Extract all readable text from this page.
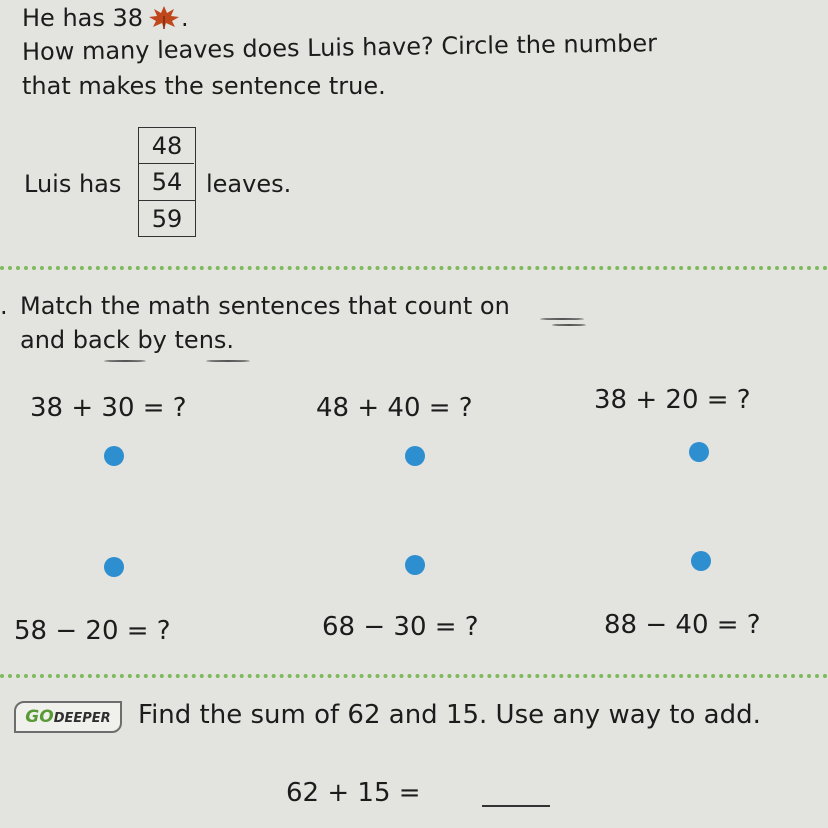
He has 38 .
How many leaves does Luis have? Circle the number
that makes the sentence true.
Luis has
48
54
59
leaves.
. Match the math sentences that count on
and back by tens.
38 + 30 = ?	48 + 40 = ?	38 + 20 = ?
58 − 20 = ?	68 − 30 = ?	88 − 40 = ?
GODEEPER	Find the sum of 62 and 15. Use any way to add.
62 + 15 =
